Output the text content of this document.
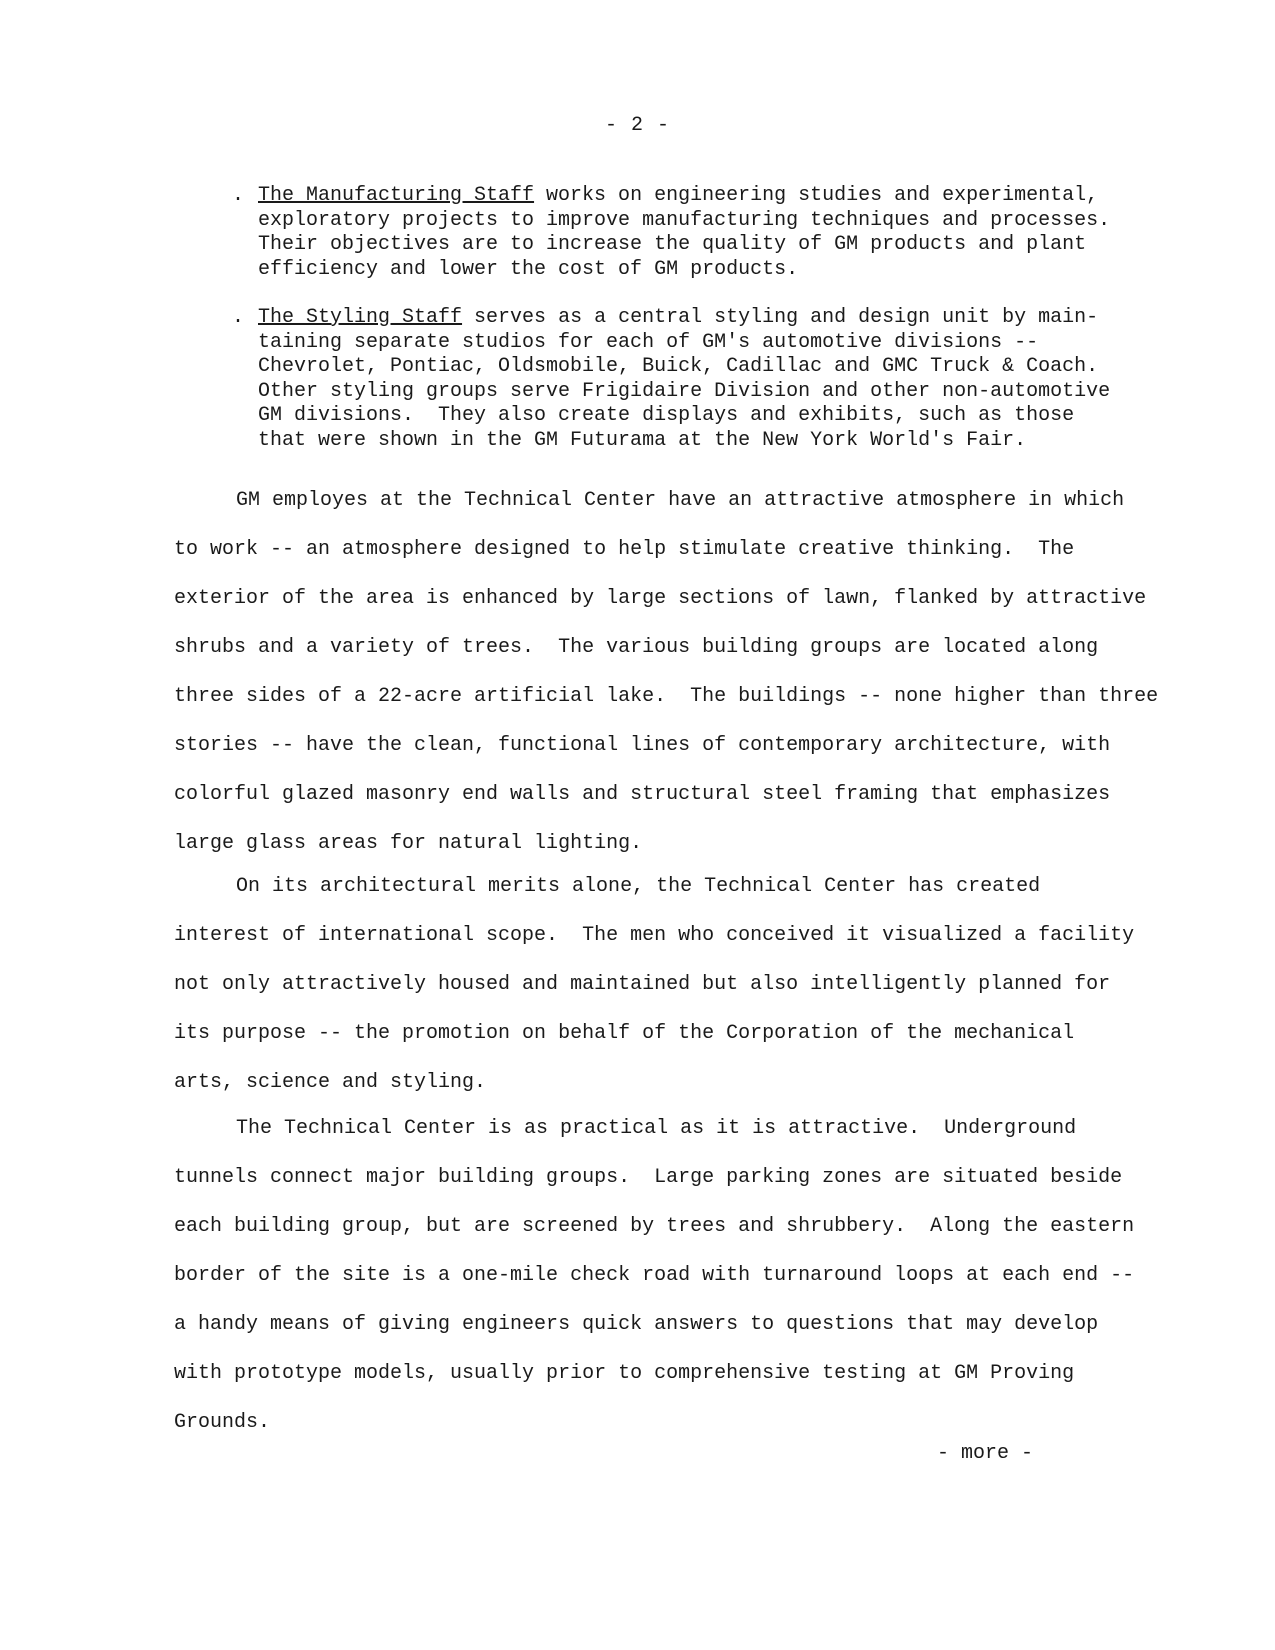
- 2 -
. The Manufacturing Staff works on engineering studies and experimental,
exploratory projects to improve manufacturing techniques and processes.
Their objectives are to increase the quality of GM products and plant
efficiency and lower the cost of GM products.
. The Styling Staff serves as a central styling and design unit by main-
taining separate studios for each of GM's automotive divisions --
Chevrolet, Pontiac, Oldsmobile, Buick, Cadillac and GMC Truck & Coach.
Other styling groups serve Frigidaire Division and other non-automotive
GM divisions.  They also create displays and exhibits, such as those
that were shown in the GM Futurama at the New York World's Fair.
GM employes at the Technical Center have an attractive atmosphere in which
to work -- an atmosphere designed to help stimulate creative thinking.  The
exterior of the area is enhanced by large sections of lawn, flanked by attractive
shrubs and a variety of trees.  The various building groups are located along
three sides of a 22-acre artificial lake.  The buildings -- none higher than three
stories -- have the clean, functional lines of contemporary architecture, with
colorful glazed masonry end walls and structural steel framing that emphasizes
large glass areas for natural lighting.
On its architectural merits alone, the Technical Center has created
interest of international scope.  The men who conceived it visualized a facility
not only attractively housed and maintained but also intelligently planned for
its purpose -- the promotion on behalf of the Corporation of the mechanical
arts, science and styling.
The Technical Center is as practical as it is attractive.  Underground
tunnels connect major building groups.  Large parking zones are situated beside
each building group, but are screened by trees and shrubbery.  Along the eastern
border of the site is a one-mile check road with turnaround loops at each end --
a handy means of giving engineers quick answers to questions that may develop
with prototype models, usually prior to comprehensive testing at GM Proving
Grounds.
- more -
